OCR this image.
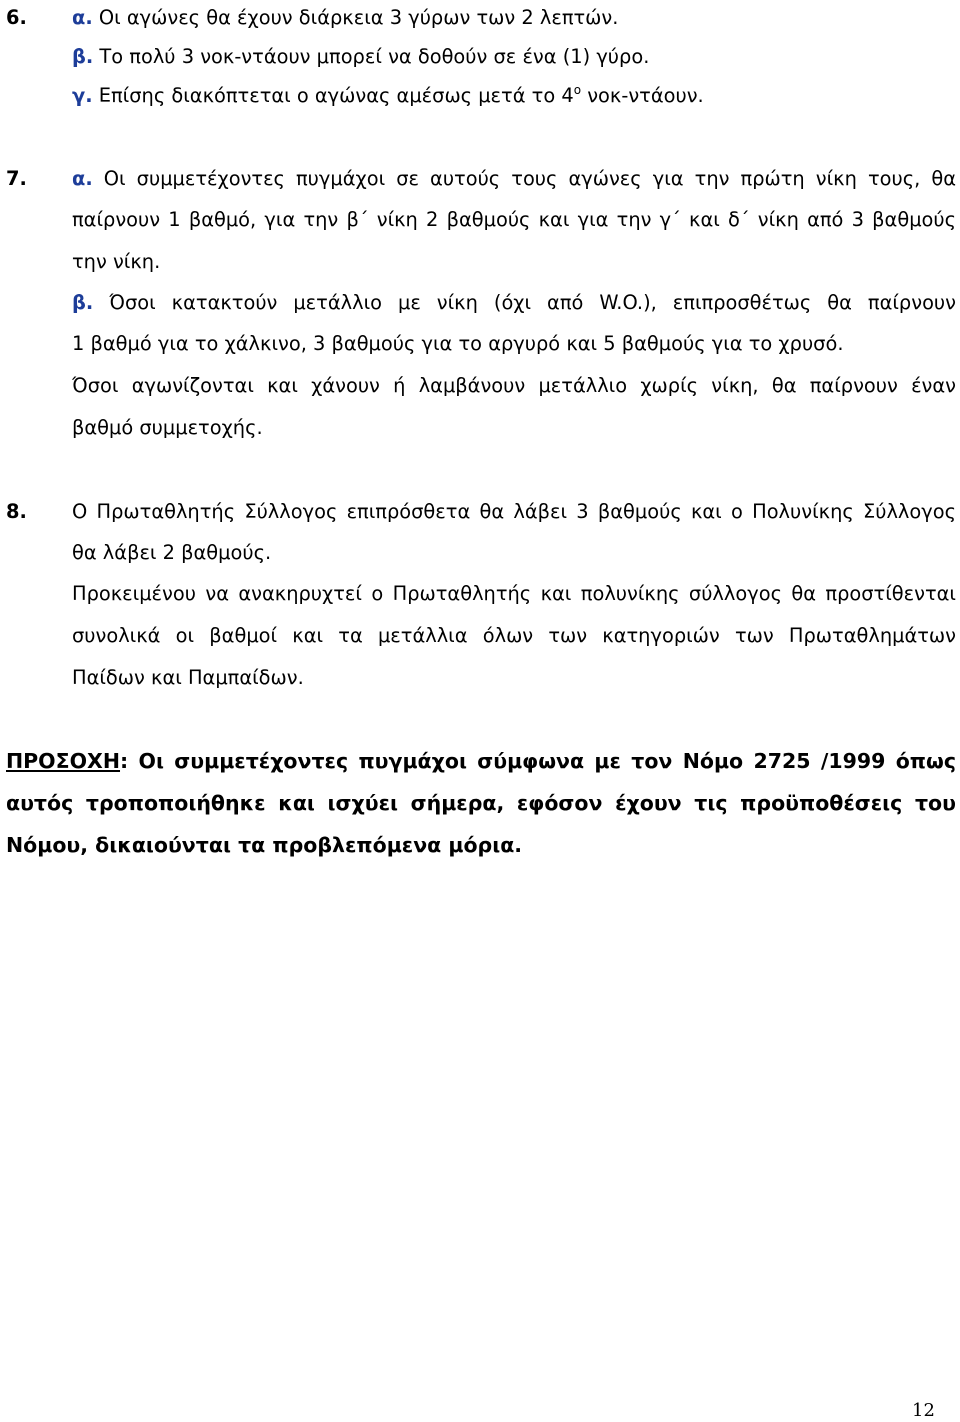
6. α. Οι αγώνες θα έχουν διάρκεια 3 γύρων των 2 λεπτών.
β. Το πολύ 3 νοκ-ντάουν μπορεί να δοθούν σε ένα (1) γύρο.
γ. Επίσης διακόπτεται ο αγώνας αμέσως μετά το $4^o$ νοκ-ντάουν.
7. α. Οι συμμετέχοντες πυγμάχοι σε αυτούς τους αγώνες για την πρώτη νίκη τους, θα
παίρνουν 1 βαθμό, για την β΄ νίκη 2 βαθμούς και για την γ΄ και δ΄ νίκη από 3 βαθμούς
την νίκη.
β. Όσοι κατακτούν μετάλλιο με νίκη (όχι από W.O.), επιπροσθέτως θα παίρνουν
1 βαθμό για το χάλκινο, 3 βαθμούς για το αργυρό και 5 βαθμούς για το χρυσό.
Όσοι αγωνίζονται και χάνουν ή λαμβάνουν μετάλλιο χωρίς νίκη, θα παίρνουν έναν
βαθμό συμμετοχής.
8. Ο Πρωταθλητής Σύλλογος επιπρόσθετα θα λάβει 3 βαθμούς και ο Πολυνίκης Σύλλογος
θα λάβει 2 βαθμούς.
Προκειμένου να ανακηρυχτεί ο Πρωταθλητής και πολυνίκης σύλλογος θα προστίθενται
συνολικά οι βαθμοί και τα μετάλλια όλων των κατηγοριών των Πρωταθλημάτων
Παίδων και Παμπαίδων.
ΠΡΟΣΟΧΗ: Οι συμμετέχοντες πυγμάχοι σύμφωνα με τον Νόμο 2725 /1999 όπως
αυτός τροποποιήθηκε και ισχύει σήμερα, εφόσον έχουν τις προϋποθέσεις του
Νόμου, δικαιούνται τα προβλεπόμενα μόρια.
12
